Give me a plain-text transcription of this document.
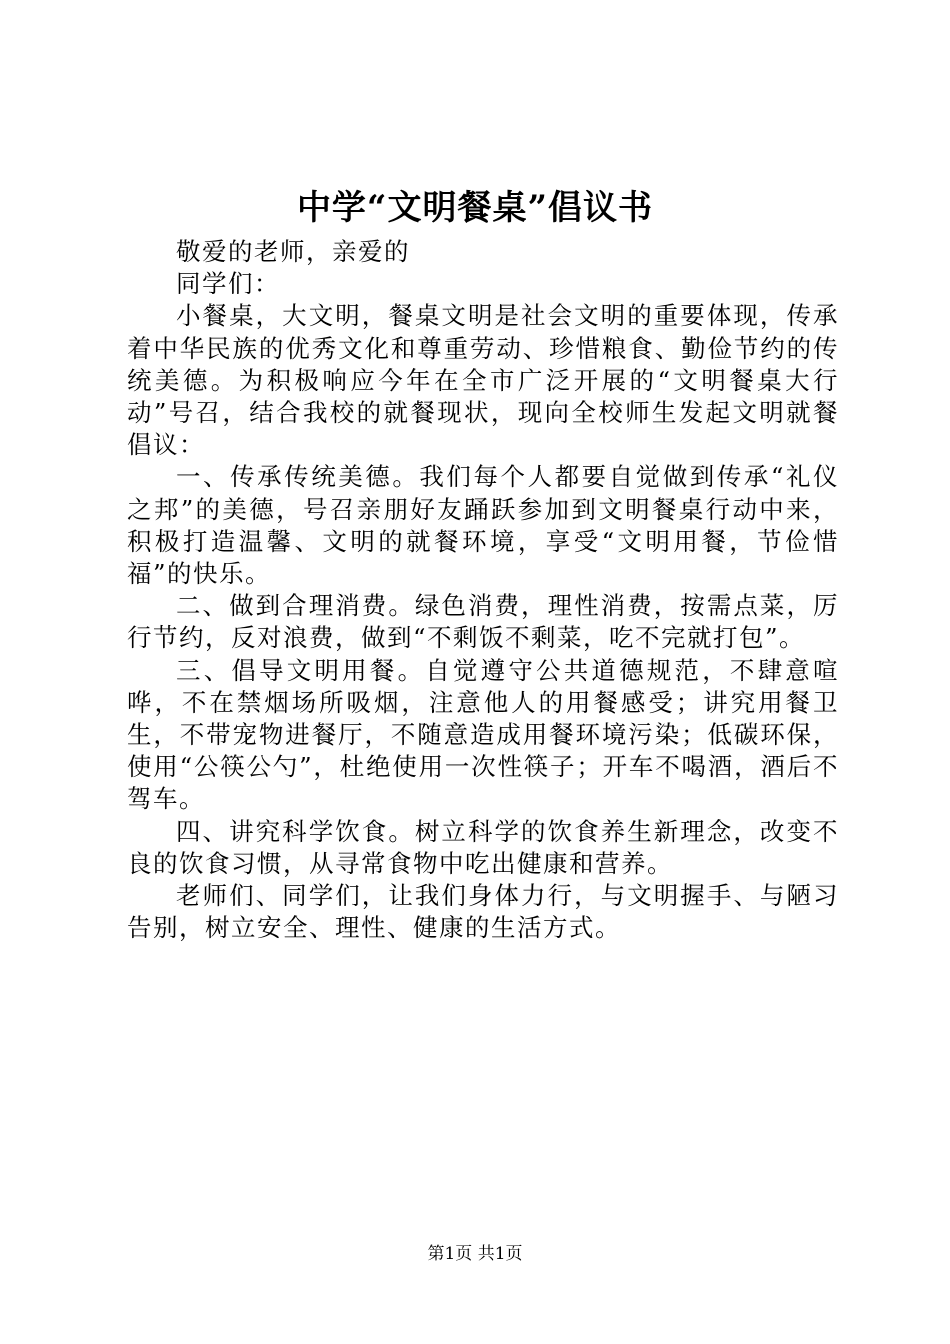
中学“文明餐桌”倡议书

敬爱的老师，亲爱的

同学们：

小餐桌，大文明，餐桌文明是社会文明的重要体现，传承着中华民族的优秀文化和尊重劳动、珍惜粮食、勤俭节约的传统美德。为积极响应今年在全市广泛开展的“文明餐桌大行动”号召，结合我校的就餐现状，现向全校师生发起文明就餐倡议：

一、传承传统美德。我们每个人都要自觉做到传承“礼仪之邦”的美德，号召亲朋好友踊跃参加到文明餐桌行动中来，积极打造温馨、文明的就餐环境，享受“文明用餐，节俭惜福”的快乐。

二、做到合理消费。绿色消费，理性消费，按需点菜，厉行节约，反对浪费，做到“不剩饭不剩菜，吃不完就打包”。

三、倡导文明用餐。自觉遵守公共道德规范，不肆意喧哗，不在禁烟场所吸烟，注意他人的用餐感受；讲究用餐卫生，不带宠物进餐厅，不随意造成用餐环境污染；低碳环保，使用“公筷公勺”，杜绝使用一次性筷子；开车不喝酒，酒后不驾车。

四、讲究科学饮食。树立科学的饮食养生新理念，改变不良的饮食习惯，从寻常食物中吃出健康和营养。

老师们、同学们，让我们身体力行，与文明握手、与陋习告别，树立安全、理性、健康的生活方式。

第1页 共1页
